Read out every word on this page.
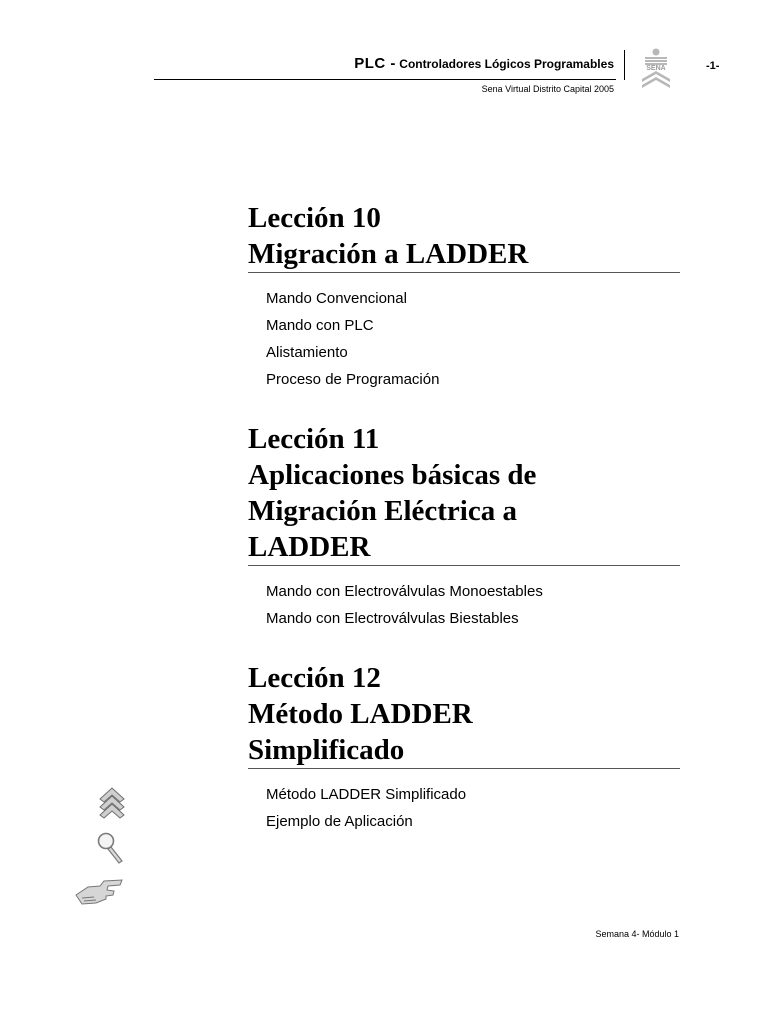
PLC - Controladores Lógicos Programables
Sena Virtual Distrito Capital 2005
SENA	-1-
Lección 10
Migración a LADDER
Mando Convencional
Mando con PLC
Alistamiento
Proceso de Programación
Lección 11
Aplicaciones básicas de
Migración Eléctrica a
LADDER
Mando con Electroválvulas Monoestables
Mando con Electroválvulas Biestables
Lección 12
Método LADDER
Simplificado
Método LADDER Simplificado
Ejemplo de Aplicación
Semana 4- Módulo 1
